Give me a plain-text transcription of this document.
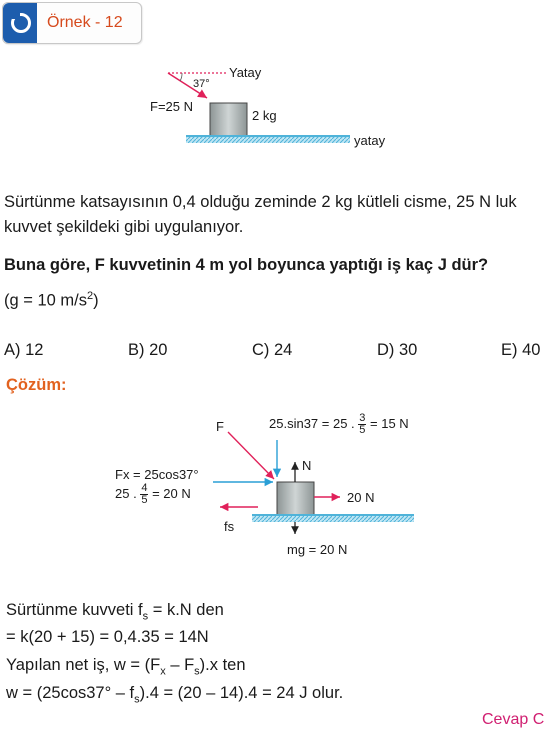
Örnek - 12
Yatay
37°
F=25 N
2 kg
yatay
Sürtünme katsayısının 0,4 olduğu zeminde 2 kg kütleli cisme, 25 N luk
kuvvet şekildeki gibi uygulanıyor.
Buna göre, F kuvvetinin 4 m yol boyunca yaptığı iş kaç J dür?
(g = 10 $m/s^2$)
A) 12	B) 20	C) 24	D) 30	E) 40
Çözüm:
F	25.sin37 = 25 . $\frac{3}{5} = 15$ N
Fx = 25cos37°
25 . $\frac{4}{5} = 20$ N
N
20 N
fs
mg = 20 N
Sürtünme kuvveti $f_s = k.N$ den
= k(20 + 15) = 0,4.35 = 14N
Yapılan net iş, $w = (F_x - F_s).x$ ten
$w = (25\cos 37^\circ - f_s).4 = (20 - 14).4 = 24$ J olur.
Cevap C
